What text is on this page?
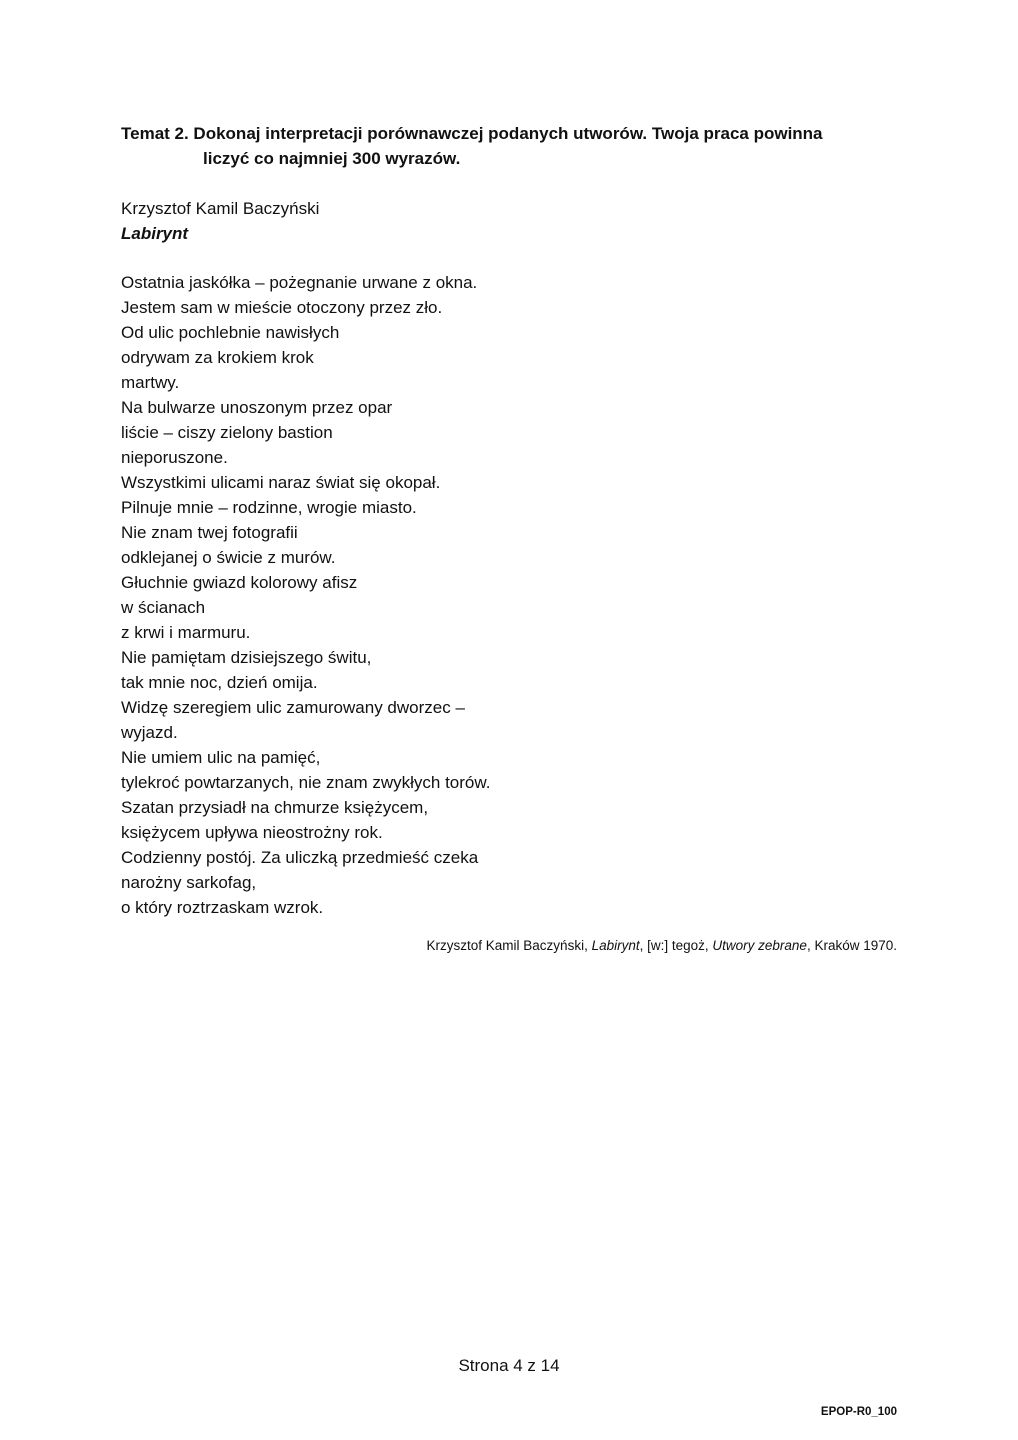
Temat 2. Dokonaj interpretacji porównawczej podanych utworów. Twoja praca powinna
liczyć co najmniej 300 wyrazów.
Krzysztof Kamil Baczyński
Labirynt
Ostatnia jaskółka – pożegnanie urwane z okna.
Jestem sam w mieście otoczony przez zło.
Od ulic pochlebnie nawisłych
odrywam za krokiem krok
martwy.
Na bulwarze unoszonym przez opar
liście – ciszy zielony bastion
nieporuszone.
Wszystkimi ulicami naraz świat się okopał.
Pilnuje mnie – rodzinne, wrogie miasto.
Nie znam twej fotografii
odklejanej o świcie z murów.
Głuchnie gwiazd kolorowy afisz
w ścianach
z krwi i marmuru.
Nie pamiętam dzisiejszego świtu,
tak mnie noc, dzień omija.
Widzę szeregiem ulic zamurowany dworzec –
wyjazd.
Nie umiem ulic na pamięć,
tylekroć powtarzanych, nie znam zwykłych torów.
Szatan przysiadł na chmurze księżycem,
księżycem upływa nieostrożny rok.
Codzienny postój. Za uliczką przedmieść czeka
narożny sarkofag,
o który roztrzaskam wzrok.
Krzysztof Kamil Baczyński, Labirynt, [w:] tegoż, Utwory zebrane, Kraków 1970.
Strona 4 z 14
EPOP-R0_100
